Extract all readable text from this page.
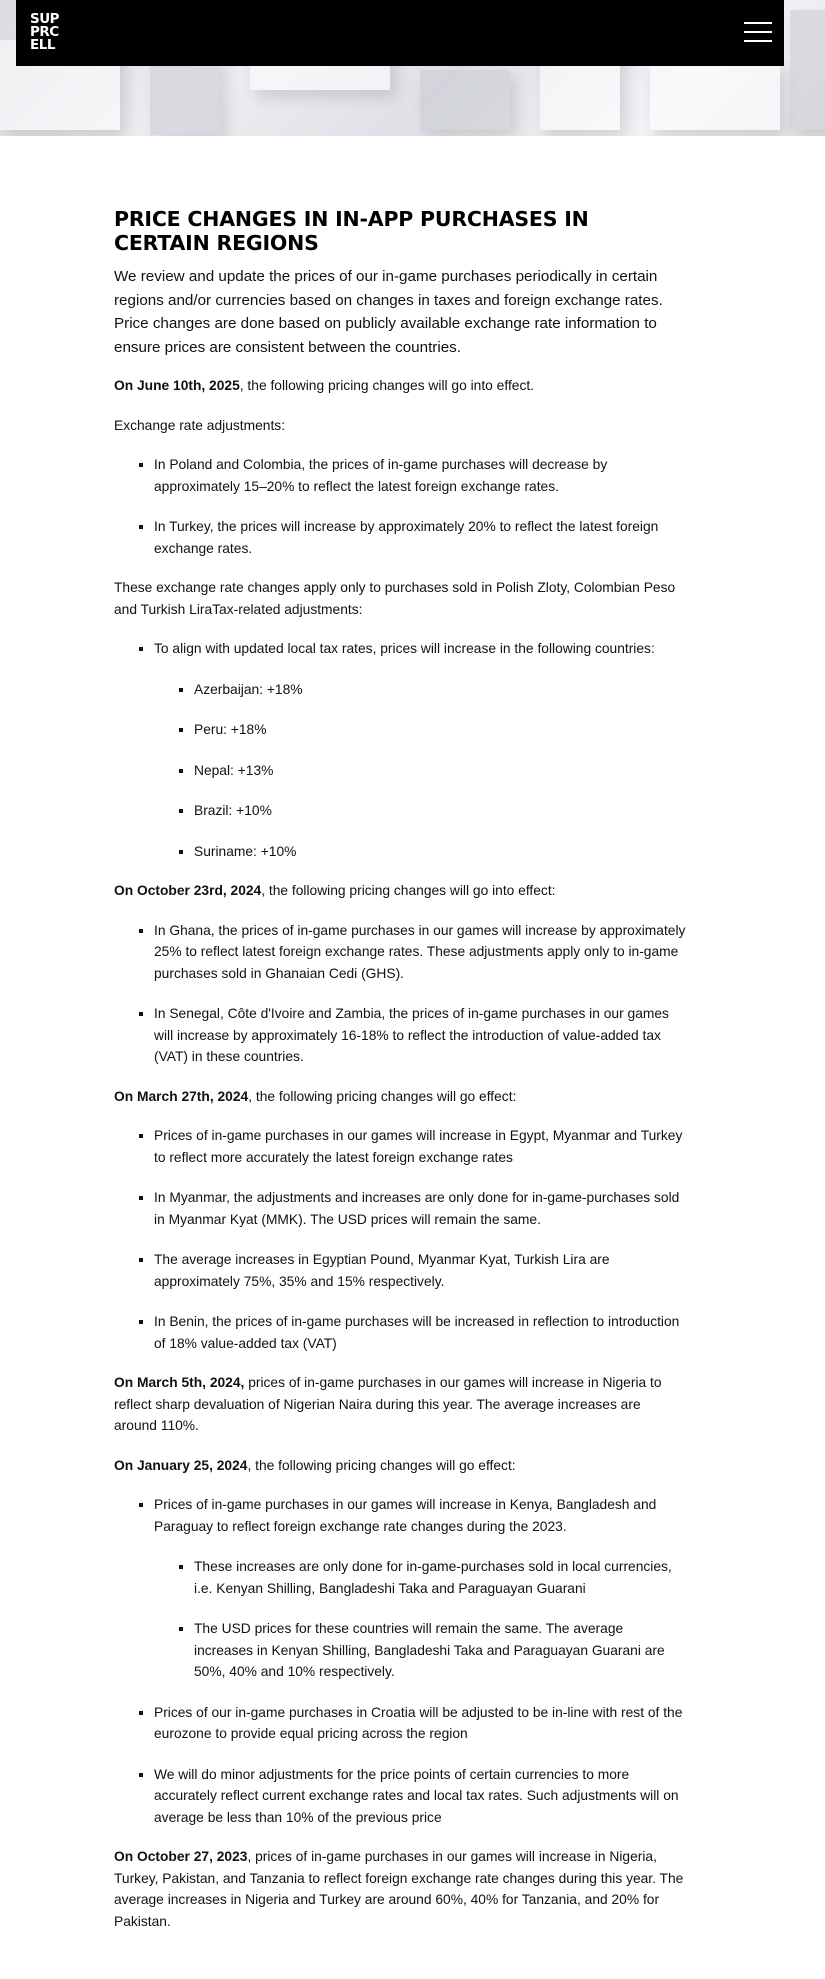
SUP
PRC
ELL
PRICE CHANGES IN IN-APP PURCHASES IN CERTAIN REGIONS

We review and update the prices of our in-game purchases periodically in certain regions and/or currencies based on changes in taxes and foreign exchange rates. Price changes are done based on publicly available exchange rate information to ensure prices are consistent between the countries.

On June 10th, 2025, the following pricing changes will go into effect.

Exchange rate adjustments:

▪ In Poland and Colombia, the prices of in-game purchases will decrease by approximately 15–20% to reflect the latest foreign exchange rates.
▪ In Turkey, the prices will increase by approximately 20% to reflect the latest foreign exchange rates.

These exchange rate changes apply only to purchases sold in Polish Zloty, Colombian Peso and Turkish LiraTax-related adjustments:

▪ To align with updated local tax rates, prices will increase in the following countries:
▪ Azerbaijan: +18%
▪ Peru: +18%
▪ Nepal: +13%
▪ Brazil: +10%
▪ Suriname: +10%

On October 23rd, 2024, the following pricing changes will go into effect:

▪ In Ghana, the prices of in-game purchases in our games will increase by approximately 25% to reflect latest foreign exchange rates. These adjustments apply only to in-game purchases sold in Ghanaian Cedi (GHS).
▪ In Senegal, Côte d'Ivoire and Zambia, the prices of in-game purchases in our games will increase by approximately 16-18% to reflect the introduction of value-added tax (VAT) in these countries.

On March 27th, 2024, the following pricing changes will go effect:

▪ Prices of in-game purchases in our games will increase in Egypt, Myanmar and Turkey to reflect more accurately the latest foreign exchange rates
▪ In Myanmar, the adjustments and increases are only done for in-game-purchases sold in Myanmar Kyat (MMK). The USD prices will remain the same.
▪ The average increases in Egyptian Pound, Myanmar Kyat, Turkish Lira are approximately 75%, 35% and 15% respectively.
▪ In Benin, the prices of in-game purchases will be increased in reflection to introduction of 18% value-added tax (VAT)

On March 5th, 2024, prices of in-game purchases in our games will increase in Nigeria to reflect sharp devaluation of Nigerian Naira during this year. The average increases are around 110%.

On January 25, 2024, the following pricing changes will go effect:

▪ Prices of in-game purchases in our games will increase in Kenya, Bangladesh and Paraguay to reflect foreign exchange rate changes during the 2023.
▪ These increases are only done for in-game-purchases sold in local currencies, i.e. Kenyan Shilling, Bangladeshi Taka and Paraguayan Guarani
▪ The USD prices for these countries will remain the same. The average increases in Kenyan Shilling, Bangladeshi Taka and Paraguayan Guarani are 50%, 40% and 10% respectively.
▪ Prices of our in-game purchases in Croatia will be adjusted to be in-line with rest of the eurozone to provide equal pricing across the region
▪ We will do minor adjustments for the price points of certain currencies to more accurately reflect current exchange rates and local tax rates. Such adjustments will on average be less than 10% of the previous price

On October 27, 2023, prices of in-game purchases in our games will increase in Nigeria, Turkey, Pakistan, and Tanzania to reflect foreign exchange rate changes during this year. The average increases in Nigeria and Turkey are around 60%, 40% for Tanzania, and 20% for Pakistan.
